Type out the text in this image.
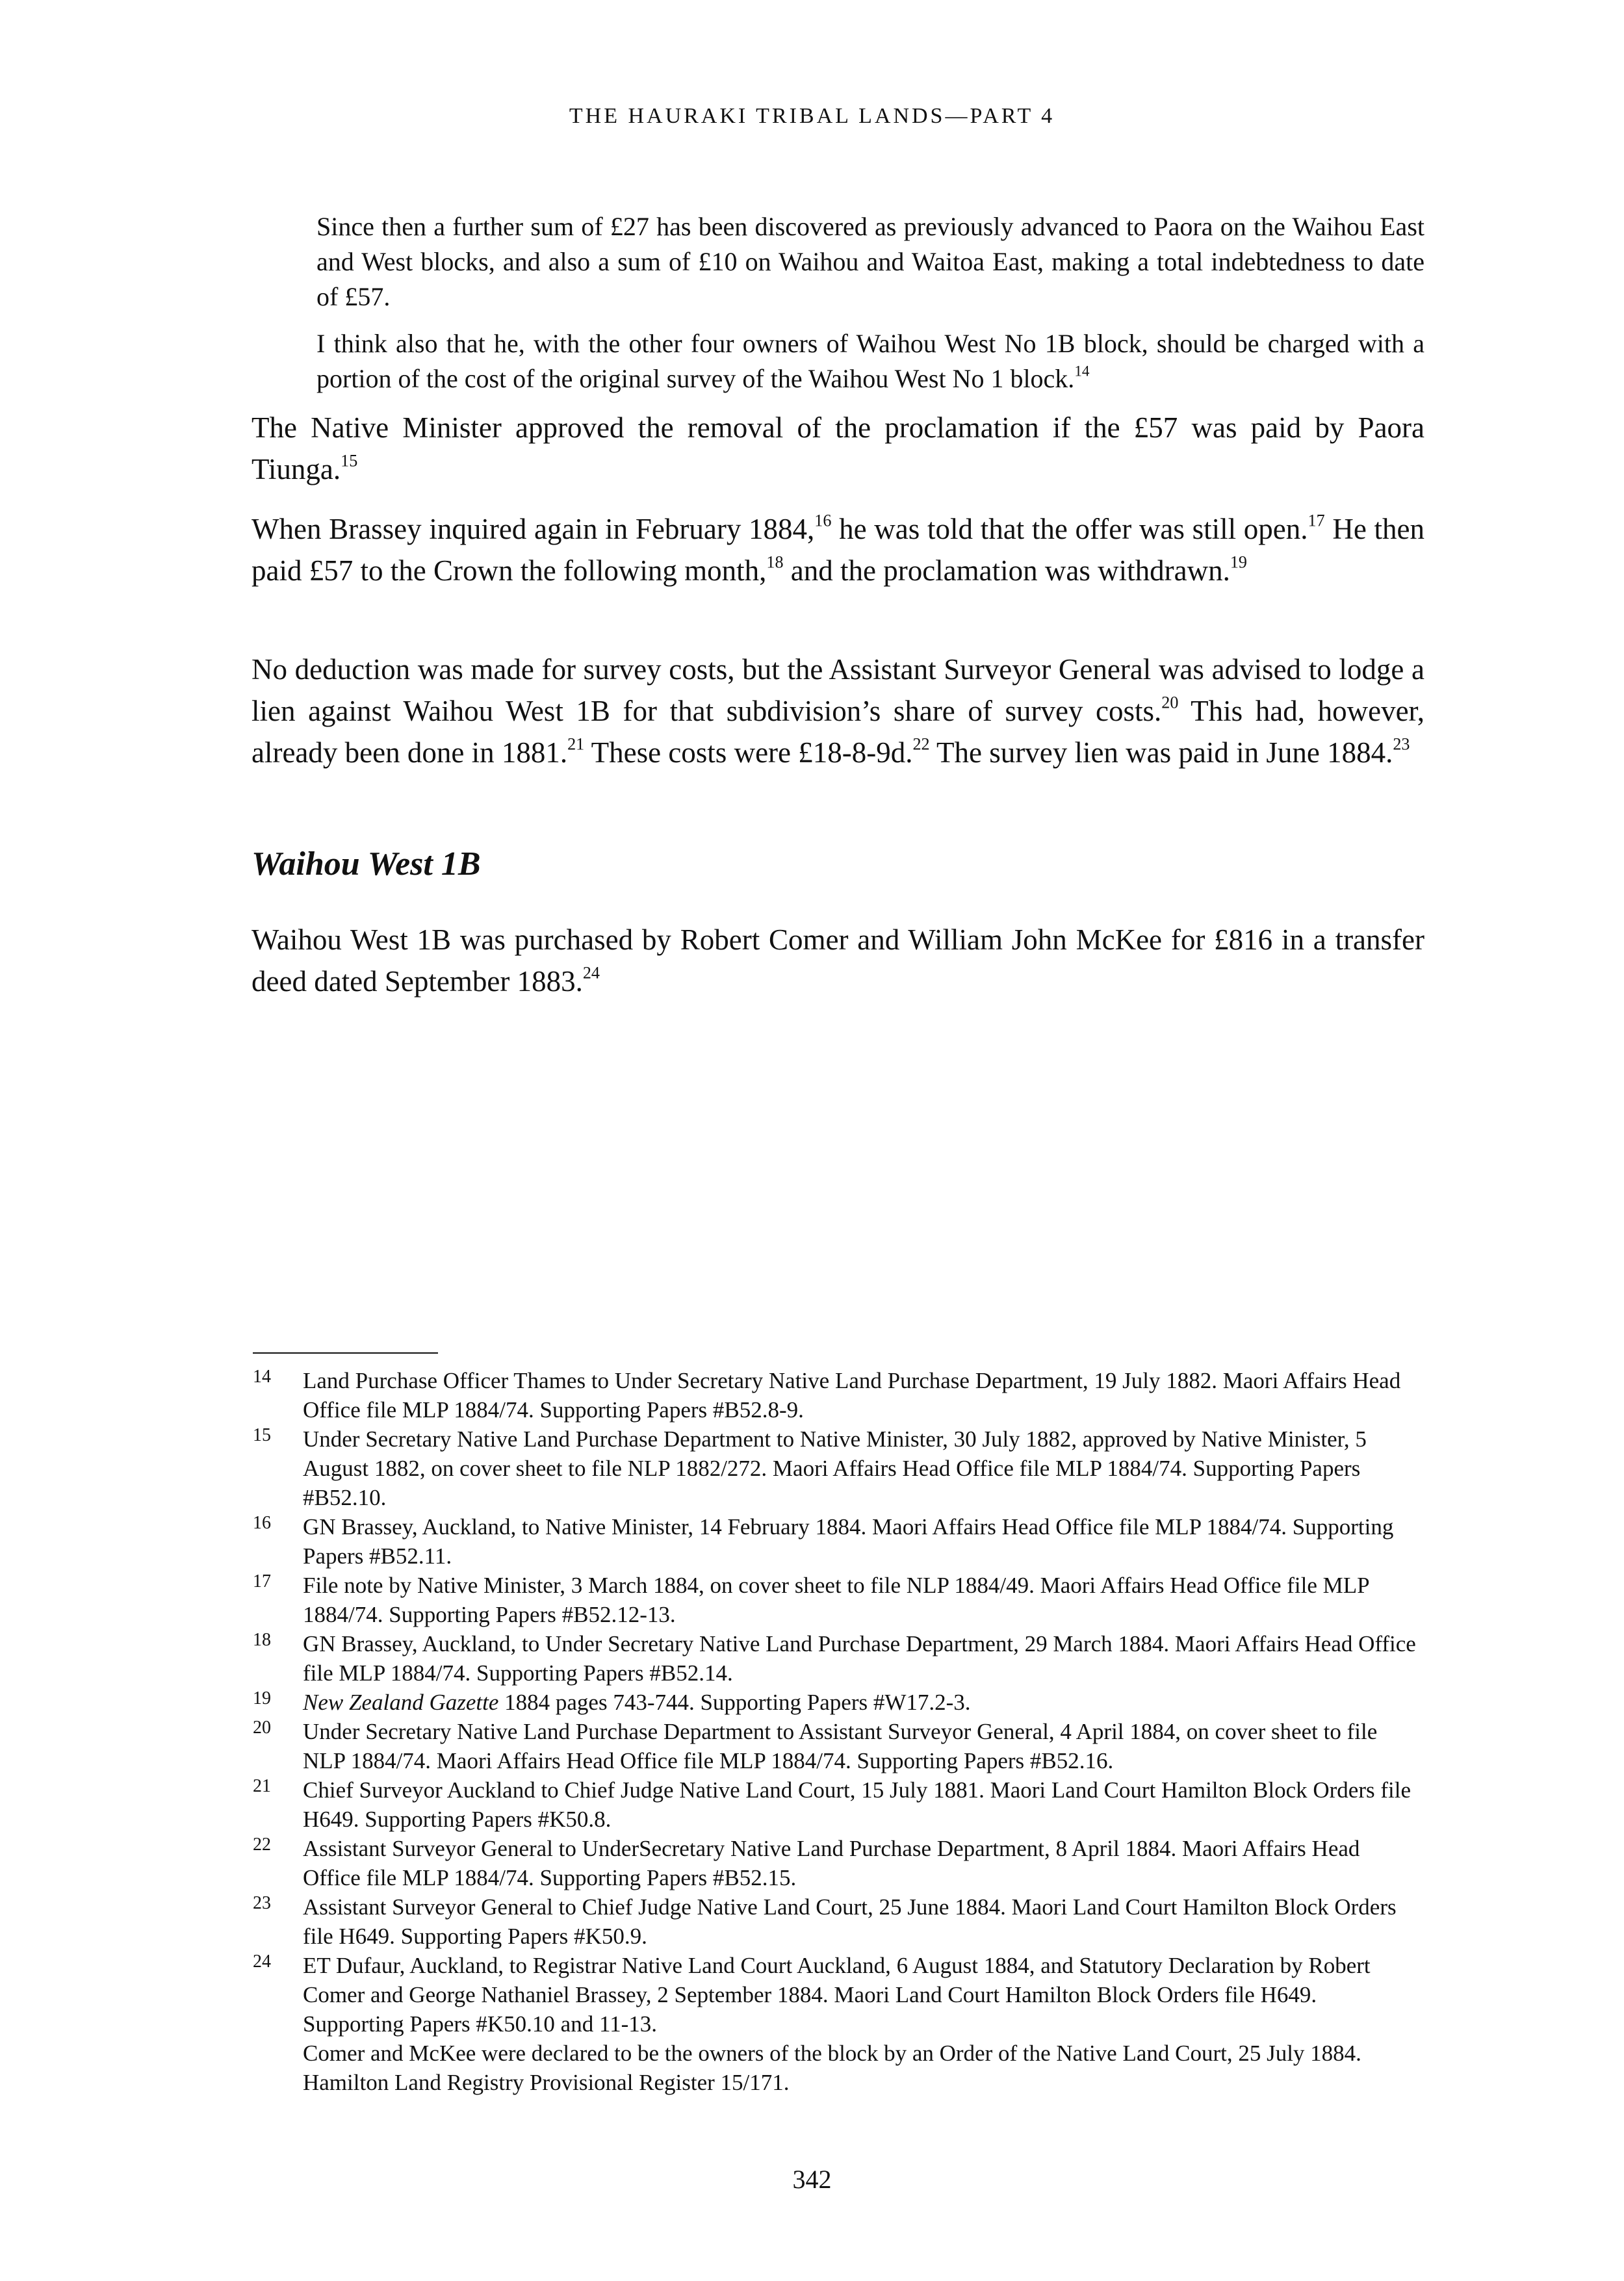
THE HAURAKI TRIBAL LANDS—PART 4

Since then a further sum of £27 has been discovered as previously advanced to Paora on the Waihou East and West blocks, and also a sum of £10 on Waihou and Waitoa East, making a total indebtedness to date of £57.

I think also that he, with the other four owners of Waihou West No 1B block, should be charged with a portion of the cost of the original survey of the Waihou West No 1 block.$^{14}$

The Native Minister approved the removal of the proclamation if the £57 was paid by Paora Tiunga.$^{15}$

When Brassey inquired again in February 1884,16 he was told that the offer was still open.$^{17}$ He then paid £57 to the Crown the following month,$^{18}$ and the proclamation was withdrawn.$^{19}$

No deduction was made for survey costs, but the Assistant Surveyor General was advised to lodge a lien against Waihou West 1B for that subdivision’s share of survey costs.$^{20}$ This had, however, already been done in 1881.21 These costs were £18-8-9d.$^{22}$ The survey lien was paid in June 1884.23

Waihou West 1B

Waihou West 1B was purchased by Robert Comer and William John McKee for £816 in a transfer deed dated September 1883.24

14	Land Purchase Officer Thames to Under Secretary Native Land Purchase Department, 19 July 1882. Maori Affairs Head Office file MLP 1884/74. Supporting Papers #B52.8-9.

15	Under Secretary Native Land Purchase Department to Native Minister, 30 July 1882, approved by Native Minister, 5 August 1882, on cover sheet to file NLP 1882/272. Maori Affairs Head Office file MLP 1884/74. Supporting Papers #B52.10.

16	GN Brassey, Auckland, to Native Minister, 14 February 1884. Maori Affairs Head Office file MLP 1884/74. Supporting Papers #B52.11.

17	File note by Native Minister, 3 March 1884, on cover sheet to file NLP 1884/49. Maori Affairs Head Office file MLP 1884/74. Supporting Papers #B52.12-13.

18	GN Brassey, Auckland, to Under Secretary Native Land Purchase Department, 29 March 1884. Maori Affairs Head Office file MLP 1884/74. Supporting Papers #B52.14.

19	New Zealand Gazette 1884 pages 743-744. Supporting Papers #W17.2-3.

20	Under Secretary Native Land Purchase Department to Assistant Surveyor General, 4 April 1884, on cover sheet to file NLP 1884/74. Maori Affairs Head Office file MLP 1884/74. Supporting Papers #B52.16.

21	Chief Surveyor Auckland to Chief Judge Native Land Court, 15 July 1881. Maori Land Court Hamilton Block Orders file H649. Supporting Papers #K50.8.

22	Assistant Surveyor General to UnderSecretary Native Land Purchase Department, 8 April 1884. Maori Affairs Head Office file MLP 1884/74. Supporting Papers #B52.15.

23	Assistant Surveyor General to Chief Judge Native Land Court, 25 June 1884. Maori Land Court Hamilton Block Orders file H649. Supporting Papers #K50.9.

24	ET Dufaur, Auckland, to Registrar Native Land Court Auckland, 6 August 1884, and Statutory Declaration by Robert Comer and George Nathaniel Brassey, 2 September 1884. Maori Land Court Hamilton Block Orders file H649. Supporting Papers #K50.10 and 11-13.

Comer and McKee were declared to be the owners of the block by an Order of the Native Land Court, 25 July 1884. Hamilton Land Registry Provisional Register 15/171.

342
